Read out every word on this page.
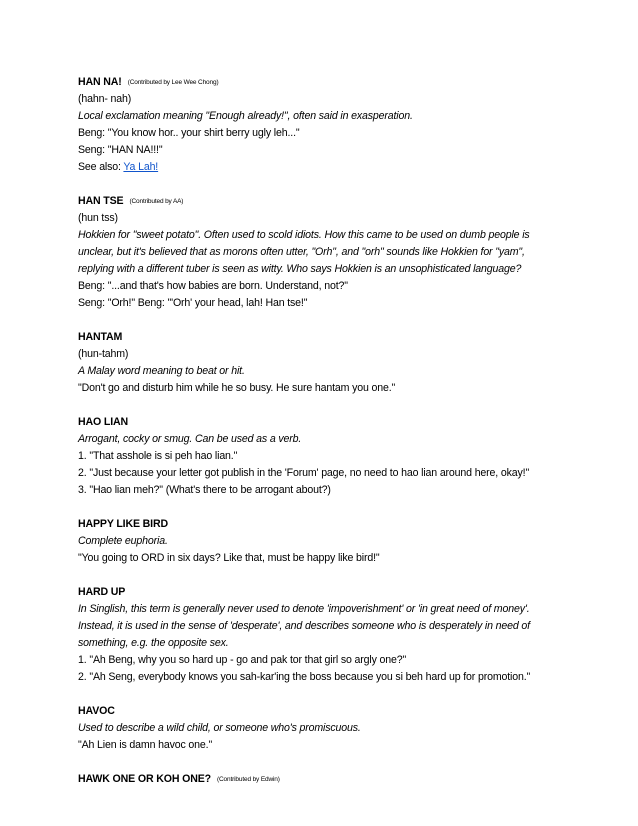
HAN NA! (Contributed by Lee Wee Chong)
(hahn- nah)
Local exclamation meaning "Enough already!", often said in exasperation.
Beng: "You know hor.. your shirt berry ugly leh..."
Seng: "HAN NA!!!"
See also: Ya Lah!
HAN TSE (Contributed by AA)
(hun tss)
Hokkien for "sweet potato". Often used to scold idiots. How this came to be used on dumb people is
unclear, but it's believed that as morons often utter, "Orh", and "orh" sounds like Hokkien for "yam",
replying with a different tuber is seen as witty. Who says Hokkien is an unsophisticated language?
Beng: "...and that's how babies are born. Understand, not?"
Seng: "Orh!" Beng: "'Orh' your head, lah! Han tse!"
HANTAM
(hun-tahm)
A Malay word meaning to beat or hit.
"Don't go and disturb him while he so busy. He sure hantam you one."
HAO LIAN
Arrogant, cocky or smug. Can be used as a verb.
1. "That asshole is si peh hao lian."
2. "Just because your letter got publish in the 'Forum' page, no need to hao lian around here, okay!"
3. "Hao lian meh?" (What's there to be arrogant about?)
HAPPY LIKE BIRD
Complete euphoria.
"You going to ORD in six days? Like that, must be happy like bird!"
HARD UP
In Singlish, this term is generally never used to denote 'impoverishment' or 'in great need of money'.
Instead, it is used in the sense of 'desperate', and describes someone who is desperately in need of
something, e.g. the opposite sex.
1. "Ah Beng, why you so hard up - go and pak tor that girl so argly one?"
2. "Ah Seng, everybody knows you sah-kar'ing the boss because you si beh hard up for promotion."
HAVOC
Used to describe a wild child, or someone who's promiscuous.
"Ah Lien is damn havoc one."
HAWK ONE OR KOH ONE? (Contributed by Edwin)
